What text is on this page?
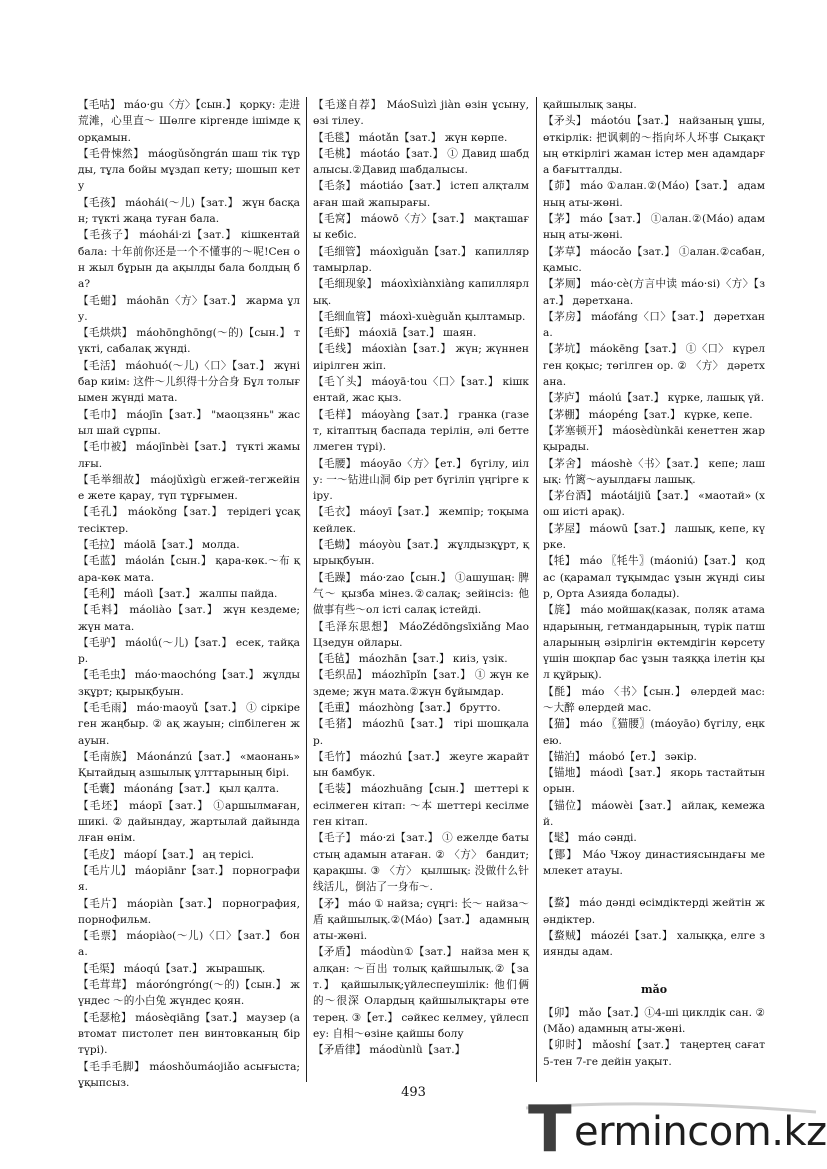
【毛咕】 máo·gu〈方〉【сын.】 қорқу: 走进荒滩，心里直～ Шөлге кіргенде ішімде қорқамын.

【毛骨悚然】 máogǔsǒngrán шаш тік тұрды, тұла бойы мұздап кету; шошып кету

【毛孩】 máohái(～儿)【зат.】 жүн басқан; түкті жаңа туған бала.

【毛孩子】 máohái·zi【зат.】 кішкентай бала: 十年前你还是一个不懂事的～呢!Сен он жыл бұрын да ақылды бала болдың ба?

【毛蚶】 máohān〈方〉【зат.】 жарма ұлу.

【毛烘烘】 máohōnghōng(～的)【сын.】 түкті, сабалақ жүнді.

【毛活】 máohuó(～儿)〈口〉【зат.】 жүні бар киім: 这件～儿织得十分合身 Бұл толығымен жүнді мата.

【毛巾】 máojīn【зат.】 "маоцзянь" жасыл шай сұрпы.

【毛巾被】 máojīnbèi【зат.】 түкті жамылғы.

【毛举细故】 máojǔxìgù егжей-тегжейіне жете қарау, түп тұрғымен.

【毛孔】 máokǒng【зат.】 терідегі ұсақ тесіктер.

【毛拉】 máolā【зат.】 молда.

【毛蓝】 máolán【сын.】 қара-көк.～布 қара-көк мата.

【毛利】 máolì【зат.】 жалпы пайда.

【毛料】 máoliào【зат.】 жүн кездеме; жүн мата.

【毛驴】 máolǘ(～儿)【зат.】 есек, тайқар.

【毛毛虫】 máo·maochóng【зат.】 жұлдызқұрт; қырықбуын.

【毛毛雨】 máo·maoyǔ【зат.】 ① сіркіреген жаңбыр. ② ақ жауын; сіпбілеген жауын.

【毛南族】 Máonánzú【зат.】 «маонань» Қытайдың азшылық ұлттарының бірі.

【毛囊】 máonáng【зат.】 қыл қалта.

【毛坯】 máopī【зат.】 ①аршылмаған, шикі. ② дайындау, жартылай дайындалған өнім.

【毛皮】 máopí【зат.】 аң терісі.

【毛片儿】 máopiānr【зат.】 порнография.

【毛片】 máopiàn【зат.】 порнография, порнофильм.

【毛票】 máopiào(～儿)〈口〉【зат.】 бона.

【毛渠】 máoqú【зат.】 жырашық.

【毛茸茸】 máoróngróng(～的)【сын.】 жүндес ～的小白兔 жүндес қоян.

【毛瑟枪】 máosèqiāng【зат.】 маузер (автомат пистолет пен винтовканың бір түрі).

【毛手毛脚】 máoshǒumáojiǎo асығыста; ұқыпсыз.

【毛遂自荐】 MáoSuìzì jiàn өзін ұсыну, өзі тілеу.

【毛毯】 máotǎn【зат.】 жүн көрпе.

【毛桃】 máotáo【зат.】 ① Давид шабдалысы.②Давид шабдалысы.

【毛条】 máotiáo【зат.】 істеп алқталмаған шай жапырағы.

【毛窝】 máowō〈方〉【зат.】 мақташағы кебіс.

【毛细管】 máoxìguǎn【зат.】 капилляр тамырлар.

【毛细现象】 máoxìxiànxiàng капиллярлық.

【毛细血管】 máoxì-xuèguǎn қылтамыр.

【毛虾】 máoxiā【зат.】 шаян.

【毛线】 máoxiàn【зат.】 жүн; жүннен иірілген жіп.

【毛丫头】 máoyā·tou〈口〉【зат.】 кішкентай, жас қыз.

【毛样】 máoyàng【зат.】 гранка (газет, кітаптың баспада терілін, әлі беттелмеген түрі).

【毛腰】 máoyāo〈方〉【ет.】 бүгілу, иілу: 一～钻进山洞 бір рет бүгіліп үңгірге кіру.

【毛衣】 máoyī【зат.】 жемпір; тоқыма кейлек.

【毛蚴】 máoyòu【зат.】 жұлдызқұрт, қырықбуын.

【毛躁】 máo·zao【сын.】 ①ашушаң: 脾气～ қызба мінез.②салақ; зейінсіз: 他做事有些～ол істі салақ істейді.

【毛泽东思想】 MáoZédōngsīxiǎng Мао Цзедун ойлары.

【毛毡】 máozhān【зат.】 киіз, үзік.

【毛织品】 máozhīpǐn【зат.】 ① жүн кездеме; жүн мата.②жүн бұйымдар.

【毛重】 máozhòng【зат.】 брутто.

【毛猪】 máozhū【зат.】 тірі шошқалар.

【毛竹】 máozhú【зат.】 жеуге жарайтын бамбук.

【毛装】 máozhuāng【сын.】 шеттері кесілмеген кітап: ～本 шеттері кесілмеген кітап.

【毛子】 máo·zi【зат.】 ① ежелде батыстың адамын атаған. ② 〈方〉 бандит; қарақшы. ③ 〈方〉 қылшық: 没做什么针线活儿，倒沾了一身布～.

【矛】 máo ① найза; сүңгі: 长～ найза～盾 қайшылық.②(Máo)【зат.】 адамның аты-жөні.

【矛盾】 máodùn①【зат.】 найза мен қалқан: ～百出 толық қайшылық.②【зат.】 қайшылық;үйлеспеушілік: 他们俩的～很深 Олардың қайшылықтары өте терең. ③【ет.】 сәйкес келмеу, үйлеспеу: 自相～өзіне қайшы болу

【矛盾律】 máodùnlǜ【зат.】

қайшылық заңы.

【矛头】 máotóu【зат.】 найзаның ұшы, өткірлік: 把讽刺的～指向坏人坏事 Сықақтың өткірлігі жаман істер мен адамдарға бағытталды.

【茆】 máo ①алан.②(Máo)【зат.】 адамның аты-жөні.

【茅】 máo【зат.】 ①алан.②(Máo) адамның аты-жөні.

【茅草】 máocǎo【зат.】 ①алан.②сабан, қамыс.

【茅厕】 máo·cè(方言中读 máo·si)〈方〉【зат.】 дәретхана.

【茅房】 máofáng〈口〉【зат.】 дәретхана.

【茅坑】 máokēng【зат.】 ①〈口〉 күрелген қоқыс; төгілген ор. ② 〈方〉 дәретхана.

【茅庐】 máolú【зат.】 күрке, лашық үй.

【茅棚】 máopéng【зат.】 күрке, кепе.

【茅塞顿开】 máosèdùnkāi кенеттен жарқырады.

【茅舍】 máoshè〈书〉【зат.】 кепе; лашық: 竹篱～ауылдағы лашық.

【茅台酒】 máotáijiǔ【зат.】 «маотай» (хош иісті арақ).

【茅屋】 máowū【зат.】 лашық, кепе, күрке.

【牦】 máo 〖牦牛〗(máoniú)【зат.】 қодас (қарамал тұқымдас ұзын жүнді сиыр, Орта Азияда болады).

【旄】 máo мойшақ(казак, поляк атамандарының, гетмандарының, түрік патшаларының әзірлігін өктемдігін көрсету үшін шоқпар бас ұзын таяққа ілетін қыл құйрық).

【酕】 máo 〈书〉【сын.】 өлердей мас: ～大醉 өлердей мас.

【猫】 máo 〖猫腰〗(máoyāo) бүгілу, еңкею.

【锚泊】 máobó【ет.】 зәкір.

【锚地】 máodì【зат.】 якорь тастайтын орын.

【锚位】 máowèi【зат.】 айлақ, кемежай.

【髦】 máo сәнді.

【鄮】 Máo Чжоу династиясындағы мемлекет атауы.

【蝥】 máo дәнді өсімдіктерді жейтін жәндіктер.

【蝥贼】 máozéi【зат.】 халыққа, елге зиянды адам.

mǎo

【卯】 mǎo【зат.】①4-ші циклдік сан. ②(Mǎo) адамның аты-жөні.

【卯时】 mǎoshí【зат.】 таңертең сағат 5-тен 7-ге дейін уақыт.

493
T ermincom.kz
